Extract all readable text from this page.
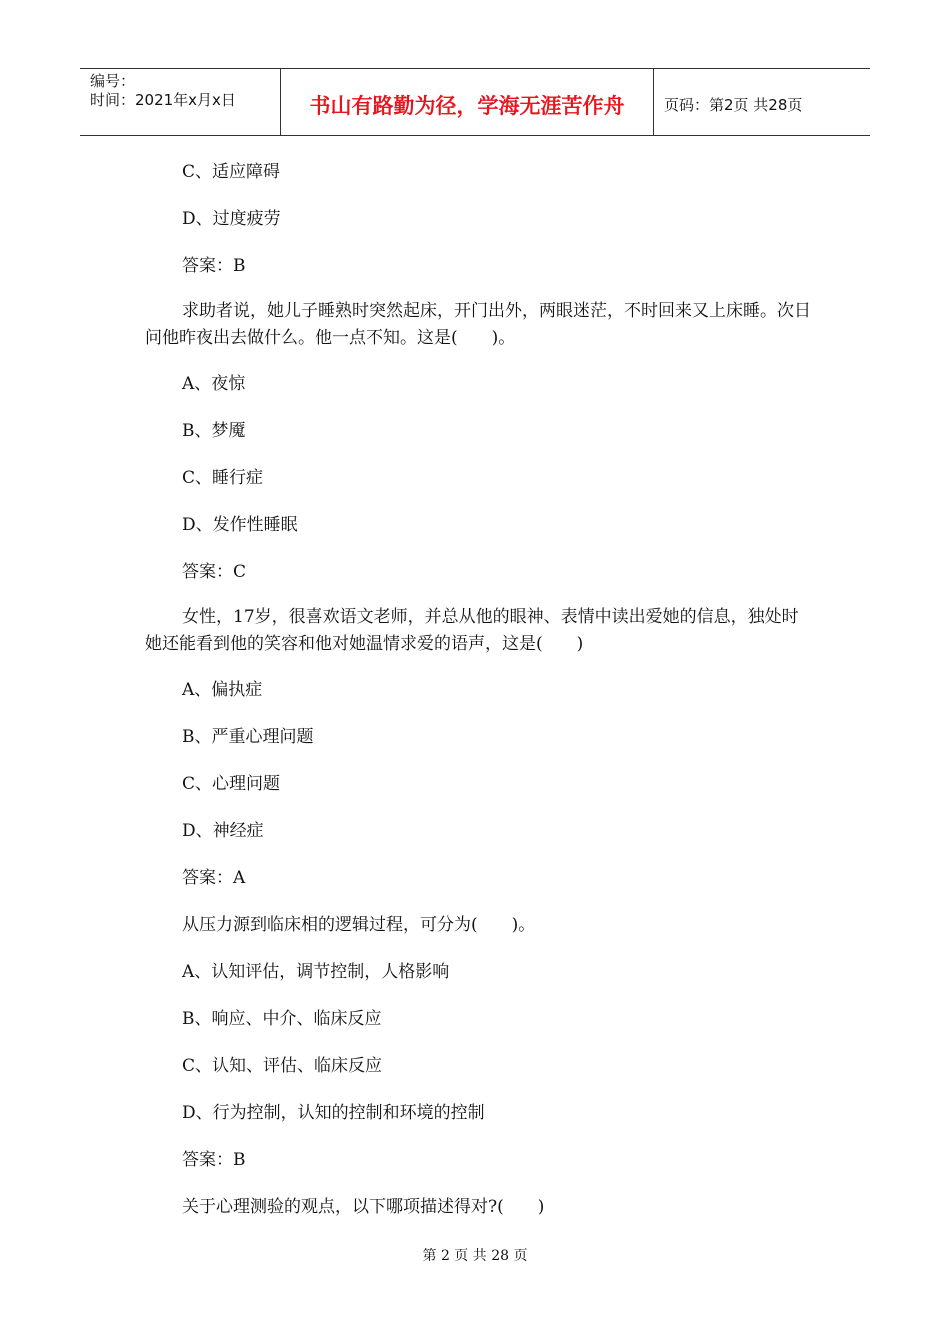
编号：
时间：2021年x月x日	书山有路勤为径，学海无涯苦作舟	页码：第2页 共28页
C、适应障碍
D、过度疲劳
答案：B
求助者说，她儿子睡熟时突然起床，开门出外，两眼迷茫，不时回来又上床睡。次日问他昨夜出去做什么。他一点不知。这是(　　)。
A、夜惊
B、梦魇
C、睡行症
D、发作性睡眠
答案：C
女性，17岁，很喜欢语文老师，并总从他的眼神、表情中读出爱她的信息，独处时她还能看到他的笑容和他对她温情求爱的语声，这是(　　)
A、偏执症
B、严重心理问题
C、心理问题
D、神经症
答案：A
从压力源到临床相的逻辑过程，可分为(　　)。
A、认知评估，调节控制，人格影响
B、响应、中介、临床反应
C、认知、评估、临床反应
D、行为控制，认知的控制和环境的控制
答案：B
关于心理测验的观点，以下哪项描述得对?(　　)
第 2 页 共 28 页
